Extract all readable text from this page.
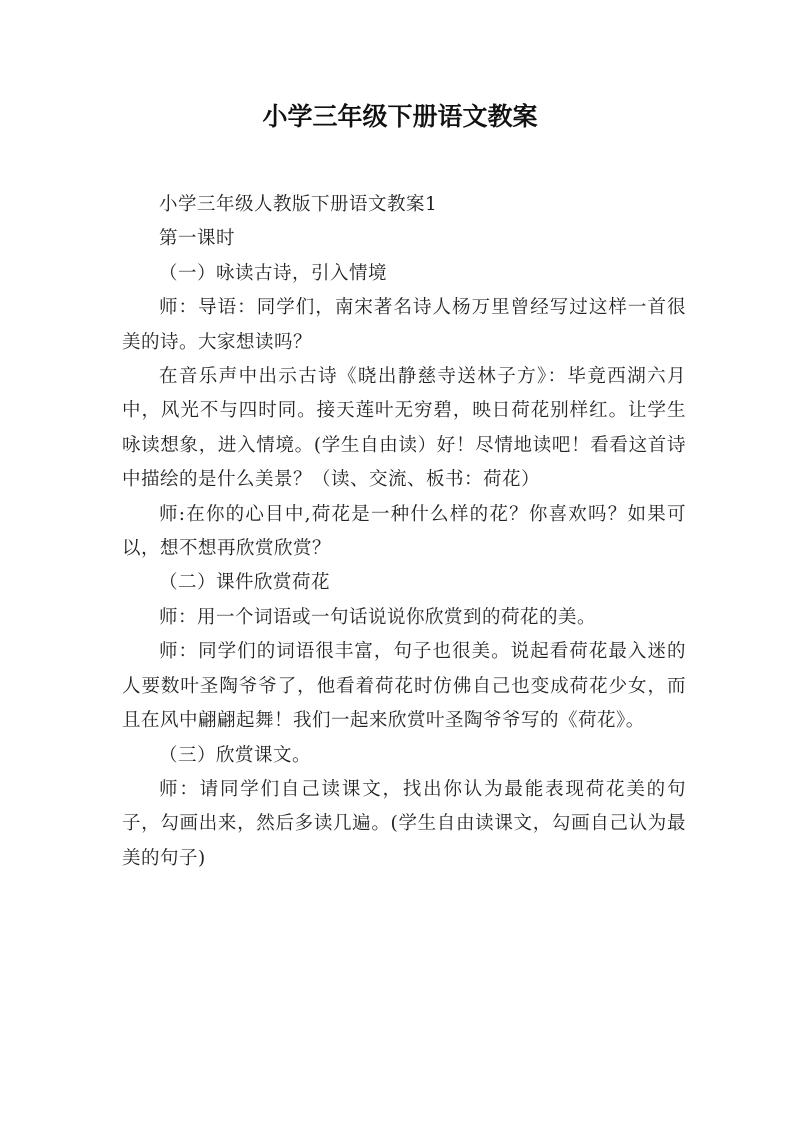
小学三年级下册语文教案

小学三年级人教版下册语文教案1

第一课时

（一）咏读古诗，引入情境

师：导语：同学们，南宋著名诗人杨万里曾经写过这样一首很美的诗。大家想读吗？

在音乐声中出示古诗《晓出静慈寺送林子方》：毕竟西湖六月中，风光不与四时同。接天莲叶无穷碧，映日荷花别样红。让学生咏读想象，进入情境。(学生自由读）好！尽情地读吧！看看这首诗中描绘的是什么美景？（读、交流、板书：荷花）

师:在你的心目中,荷花是一种什么样的花？你喜欢吗？如果可以，想不想再欣赏欣赏？

（二）课件欣赏荷花

师：用一个词语或一句话说说你欣赏到的荷花的美。

师：同学们的词语很丰富，句子也很美。说起看荷花最入迷的人要数叶圣陶爷爷了，他看着荷花时仿佛自己也变成荷花少女，而且在风中翩翩起舞！我们一起来欣赏叶圣陶爷爷写的《荷花》。

（三）欣赏课文。

师：请同学们自己读课文，找出你认为最能表现荷花美的句子，勾画出来，然后多读几遍。(学生自由读课文，勾画自己认为最美的句子)
